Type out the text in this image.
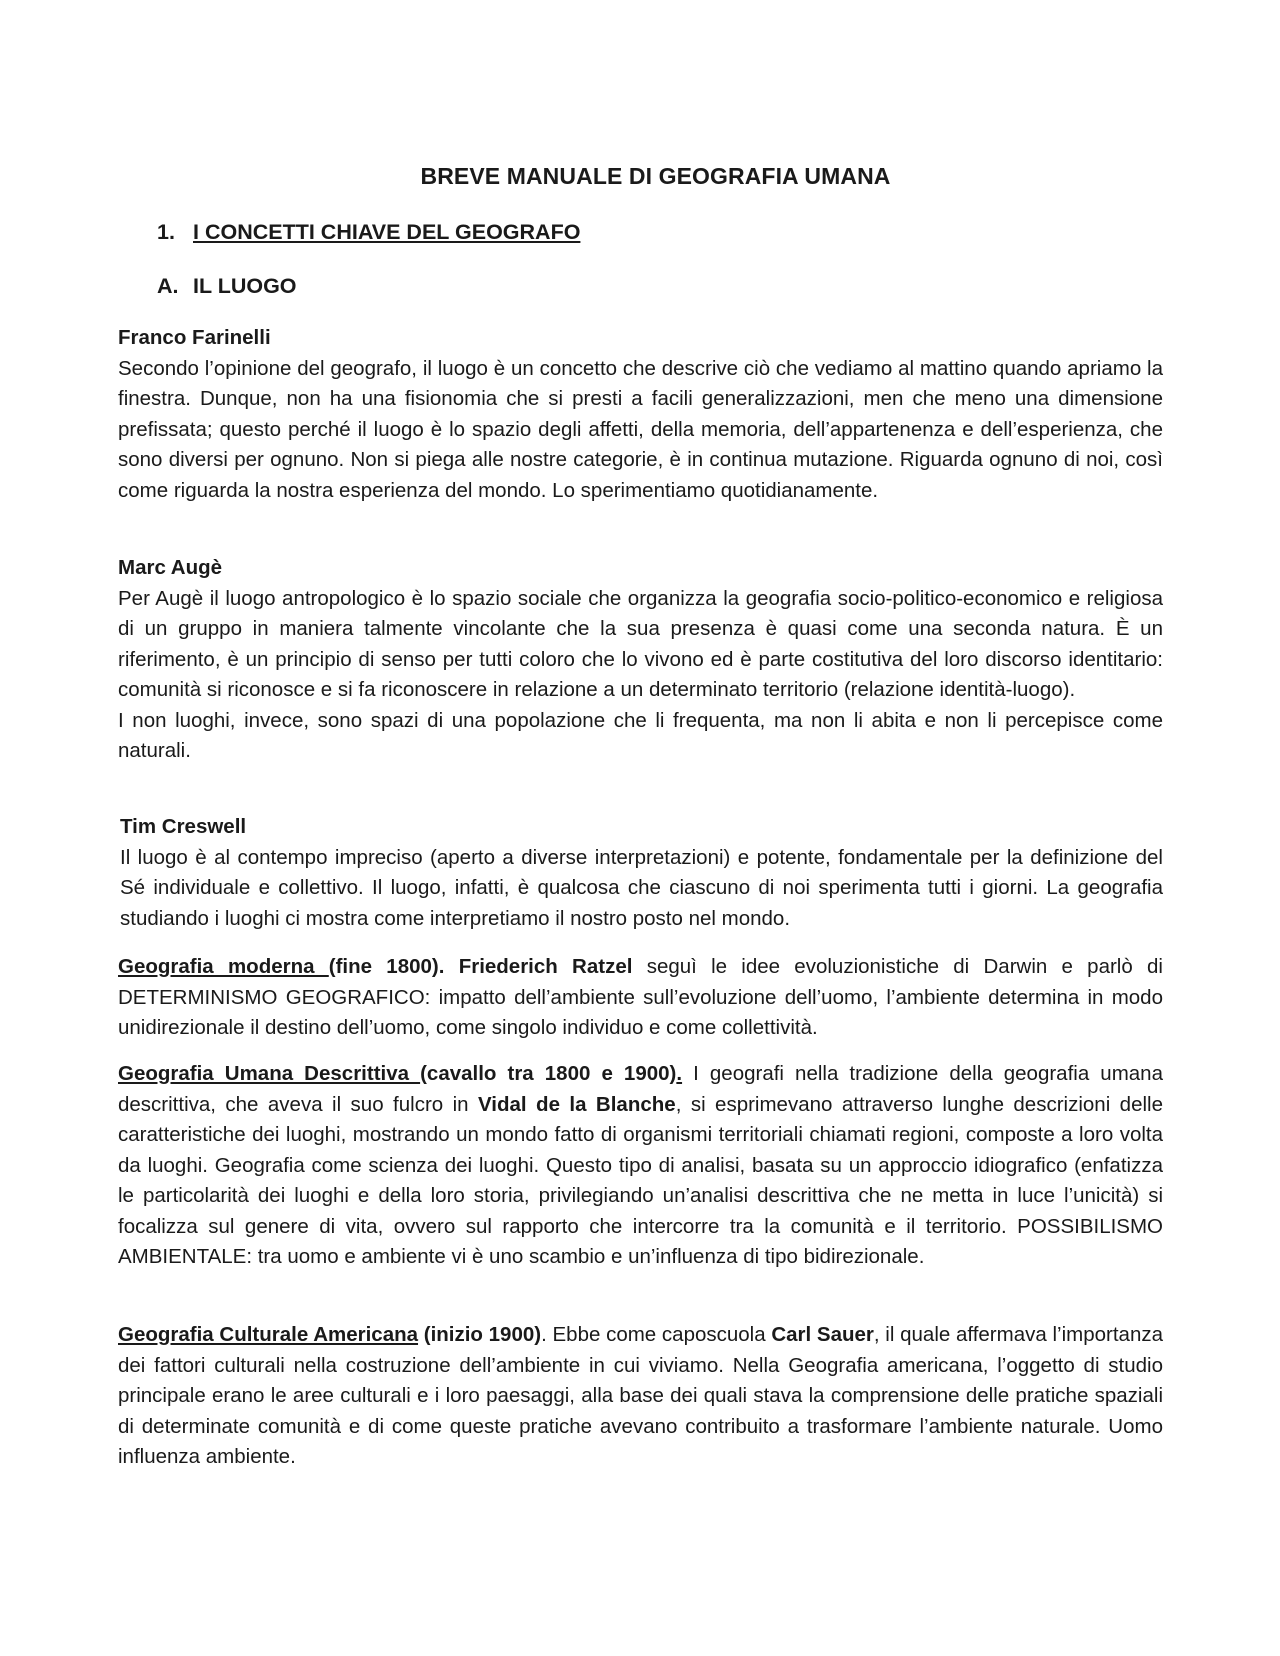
BREVE MANUALE DI GEOGRAFIA UMANA
1. I CONCETTI CHIAVE DEL GEOGRAFO
A. IL LUOGO
Franco Farinelli

Secondo l’opinione del geografo, il luogo è un concetto che descrive ciò che vediamo al mattino quando apriamo la finestra. Dunque, non ha una fisionomia che si presti a facili generalizzazioni, men che meno una dimensione prefissata; questo perché il luogo è lo spazio degli affetti, della memoria, dell’appartenenza e dell’esperienza, che sono diversi per ognuno. Non si piega alle nostre categorie, è in continua mutazione. Riguarda ognuno di noi, così come riguarda la nostra esperienza del mondo. Lo sperimentiamo quotidianamente.

Marc Augè

Per Augè il luogo antropologico è lo spazio sociale che organizza la geografia socio-politico-economico e religiosa di un gruppo in maniera talmente vincolante che la sua presenza è quasi come una seconda natura. È un riferimento, è un principio di senso per tutti coloro che lo vivono ed è parte costitutiva del loro discorso identitario: comunità si riconosce e si fa riconoscere in relazione a un determinato territorio (relazione identità-luogo).

I non luoghi, invece, sono spazi di una popolazione che li frequenta, ma non li abita e non li percepisce come naturali.

Tim Creswell

Il luogo è al contempo impreciso (aperto a diverse interpretazioni) e potente, fondamentale per la definizione del Sé individuale e collettivo. Il luogo, infatti, è qualcosa che ciascuno di noi sperimenta tutti i giorni. La geografia studiando i luoghi ci mostra come interpretiamo il nostro posto nel mondo.

Geografia moderna (fine 1800). Friederich Ratzel seguì le idee evoluzionistiche di Darwin e parlò di DETERMINISMO GEOGRAFICO: impatto dell’ambiente sull’evoluzione dell’uomo, l’ambiente determina in modo unidirezionale il destino dell’uomo, come singolo individuo e come collettività.

Geografia Umana Descrittiva (cavallo tra 1800 e 1900). I geografi nella tradizione della geografia umana descrittiva, che aveva il suo fulcro in Vidal de la Blanche, si esprimevano attraverso lunghe descrizioni delle caratteristiche dei luoghi, mostrando un mondo fatto di organismi territoriali chiamati regioni, composte a loro volta da luoghi. Geografia come scienza dei luoghi. Questo tipo di analisi, basata su un approccio idiografico (enfatizza le particolarità dei luoghi e della loro storia, privilegiando un’analisi descrittiva che ne metta in luce l’unicità) si focalizza sul genere di vita, ovvero sul rapporto che intercorre tra la comunità e il territorio. POSSIBILISMO AMBIENTALE: tra uomo e ambiente vi è uno scambio e un’influenza di tipo bidirezionale.

Geografia Culturale Americana (inizio 1900). Ebbe come caposcuola Carl Sauer, il quale affermava l’importanza dei fattori culturali nella costruzione dell’ambiente in cui viviamo. Nella Geografia americana, l’oggetto di studio principale erano le aree culturali e i loro paesaggi, alla base dei quali stava la comprensione delle pratiche spaziali di determinate comunità e di come queste pratiche avevano contribuito a trasformare l’ambiente naturale. Uomo influenza ambiente.
